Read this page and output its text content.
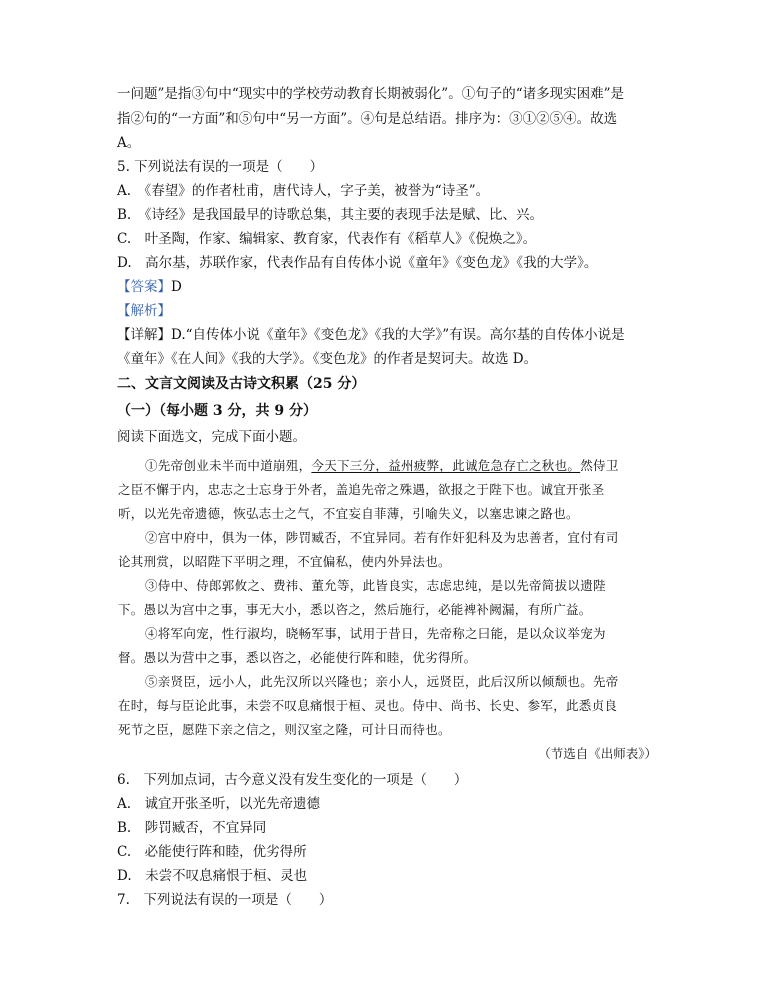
一问题”是指③句中“现实中的学校劳动教育长期被弱化”。①句子的“诸多现实困难”是
指②句的“一方面”和⑤句中“另一方面”。④句是总结语。排序为：③①②⑤④。故选
A。
5. 下列说法有误的一项是（　　）
A.　《春望》的作者杜甫，唐代诗人，字子美，被誉为“诗圣”。
B.　《诗经》是我国最早的诗歌总集，其主要的表现手法是赋、比、兴。
C.　叶圣陶，作家、编辑家、教育家，代表作有《稻草人》《倪焕之》。
D.　高尔基，苏联作家，代表作品有自传体小说《童年》《变色龙》《我的大学》。
【答案】D
【解析】
【详解】D.“自传体小说《童年》《变色龙》《我的大学》”有误。高尔基的自传体小说是
《童年》《在人间》《我的大学》。《变色龙》的作者是契诃夫。故选 D。
二、文言文阅读及古诗文积累（25 分）
（一）（每小题 3 分，共 9 分）
阅读下面选文，完成下面小题。
①先帝创业未半而中道崩殂，今天下三分，益州疲弊，此诚危急存亡之秋也。然侍卫
之臣不懈于内，忠志之士忘身于外者，盖追先帝之殊遇，欲报之于陛下也。诚宜开张圣
听，以光先帝遗德，恢弘志士之气，不宜妄自菲薄，引喻失义，以塞忠谏之路也。
②宫中府中，俱为一体，陟罚臧否，不宜异同。若有作奸犯科及为忠善者，宜付有司
论其刑赏，以昭陛下平明之理，不宜偏私，使内外异法也。
③侍中、侍郎郭攸之、费祎、董允等，此皆良实，志虑忠纯，是以先帝简拔以遗陛
下。愚以为宫中之事，事无大小，悉以咨之，然后施行，必能裨补阙漏，有所广益。
④将军向宠，性行淑均，晓畅军事，试用于昔日，先帝称之曰能，是以众议举宠为
督。愚以为营中之事，悉以咨之，必能使行阵和睦，优劣得所。
⑤亲贤臣，远小人，此先汉所以兴隆也；亲小人，远贤臣，此后汉所以倾颓也。先帝
在时，每与臣论此事，未尝不叹息痛恨于桓、灵也。侍中、尚书、长史、参军，此悉贞良
死节之臣，愿陛下亲之信之，则汉室之隆，可计日而待也。
（节选自《出师表》）
6.　下列加点词，古今意义没有发生变化的一项是（　　）
A.　诚宜开张圣听，以光先帝遗德
B.　陟罚臧否，不宜异同
C.　必能使行阵和睦，优劣得所
D.　未尝不叹息痛恨于桓、灵也
7.　下列说法有误的一项是（　　）
